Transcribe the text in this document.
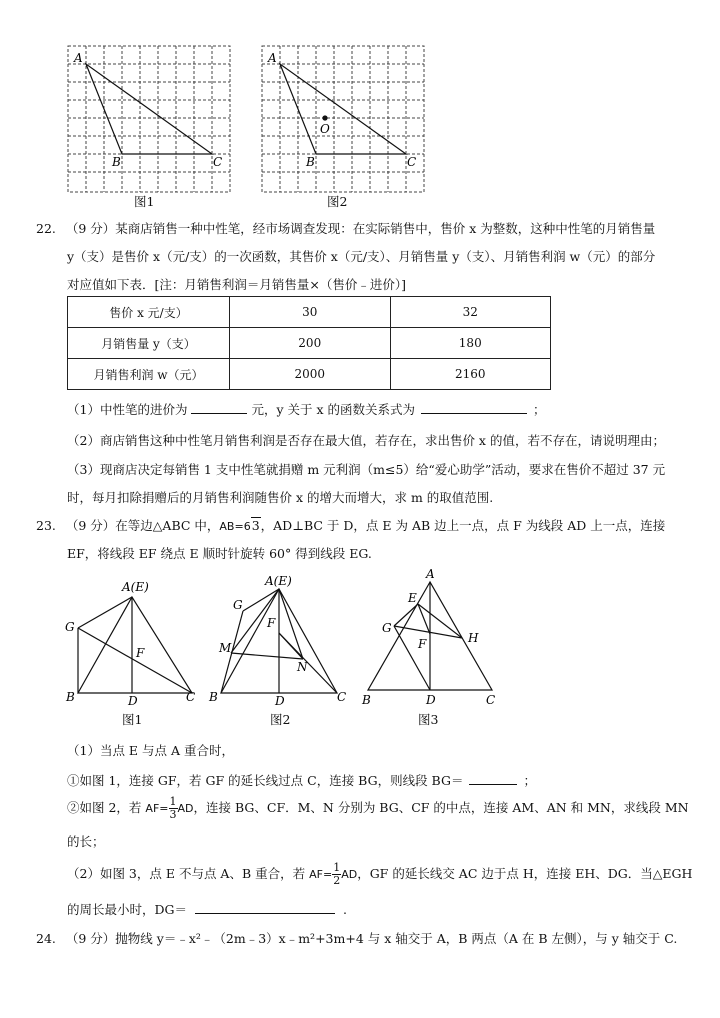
A
B	C
图1
A
B	C
O
图2
22. （9 分）某商店销售一种中性笔，经市场调查发现：在实际销售中，售价 x 为整数，这种中性笔的月销售量
y（支）是售价 x（元/支）的一次函数，其售价 x（元/支）、月销售量 y（支）、月销售利润 w（元）的部分
对应值如下表．[注：月销售利润＝月销售量×（售价﹣进价）]
售价 x 元/支）	30	32
月销售量 y（支）	200	180
月销售利润 w（元）	2000	2160
（1）中性笔的进价为	元，y 关于 x 的函数关系式为	；
（2）商店销售这种中性笔月销售利润是否存在最大值，若存在，求出售价 x 的值，若不存在，请说明理由；
（3）现商店决定每销售 1 支中性笔就捐赠 m 元利润（m≤5）给“爱心助学”活动，要求在售价不超过 37 元
时，每月扣除捐赠后的月销售利润随售价 x 的增大而增大，求 m 的取值范围.
23. （9 分）在等边△ABC 中，AB=63，AD⊥BC 于 D，点 E 为 AB 边上一点，点 F 为线段 AD 上一点，连接
EF，将线段 EF 绕点 E 顺时针旋转 60° 得到线段 EG.
A(E)
G
F
B	D	C
图1
A(E)
G
F
M
N
B	D	C
图2
A
E
G
F	H
B	D	C
图3
（1）当点 E 与点 A 重合时，
①如图 1，连接 GF，若 GF 的延长线过点 C，连接 BG，则线段 BG＝	；
②如图 2，若 $AF= \frac{1}{3}$ AD，连接 BG、CF．M、N 分别为 BG、CF 的中点，连接 AM、AN 和 MN，求线段 MN
的长；
（2）如图 3，点 E 不与点 A、B 重合，若 $AF= \frac{1}{2}$ AD，GF 的延长线交 AC 边于点 H，连接 EH、DG．当△EGH
的周长最小时，DG＝	.
24. （9 分）抛物线 y＝﹣x²﹣（2m﹣3）x﹣m²+3m+4 与 x 轴交于 A，B 两点（A 在 B 左侧），与 y 轴交于 C.
